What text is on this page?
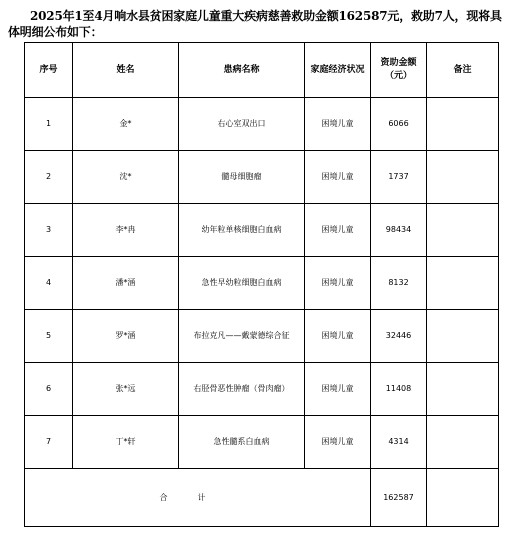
2025年1至4月响水县贫困家庭儿童重大疾病慈善救助金额162587元，救助7人，现将具体明细公布如下：

序号	姓名	患病名称	家庭经济状况	资助金额（元）	备注
1	金*	右心室双出口	困境儿童	6066	
2	沈*	髓母细胞瘤	困境儿童	1737	
3	李*冉	幼年粒单核细胞白血病	困境儿童	98434	
4	潘*涵	急性早幼粒细胞白血病	困境儿童	8132	
5	罗*涵	布拉克凡——戴蒙德综合征	困境儿童	32446	
6	张*远	右胫骨恶性肿瘤（骨肉瘤）	困境儿童	11408	
7	丁*轩	急性髓系白血病	困境儿童	4314	
合计				162587	
